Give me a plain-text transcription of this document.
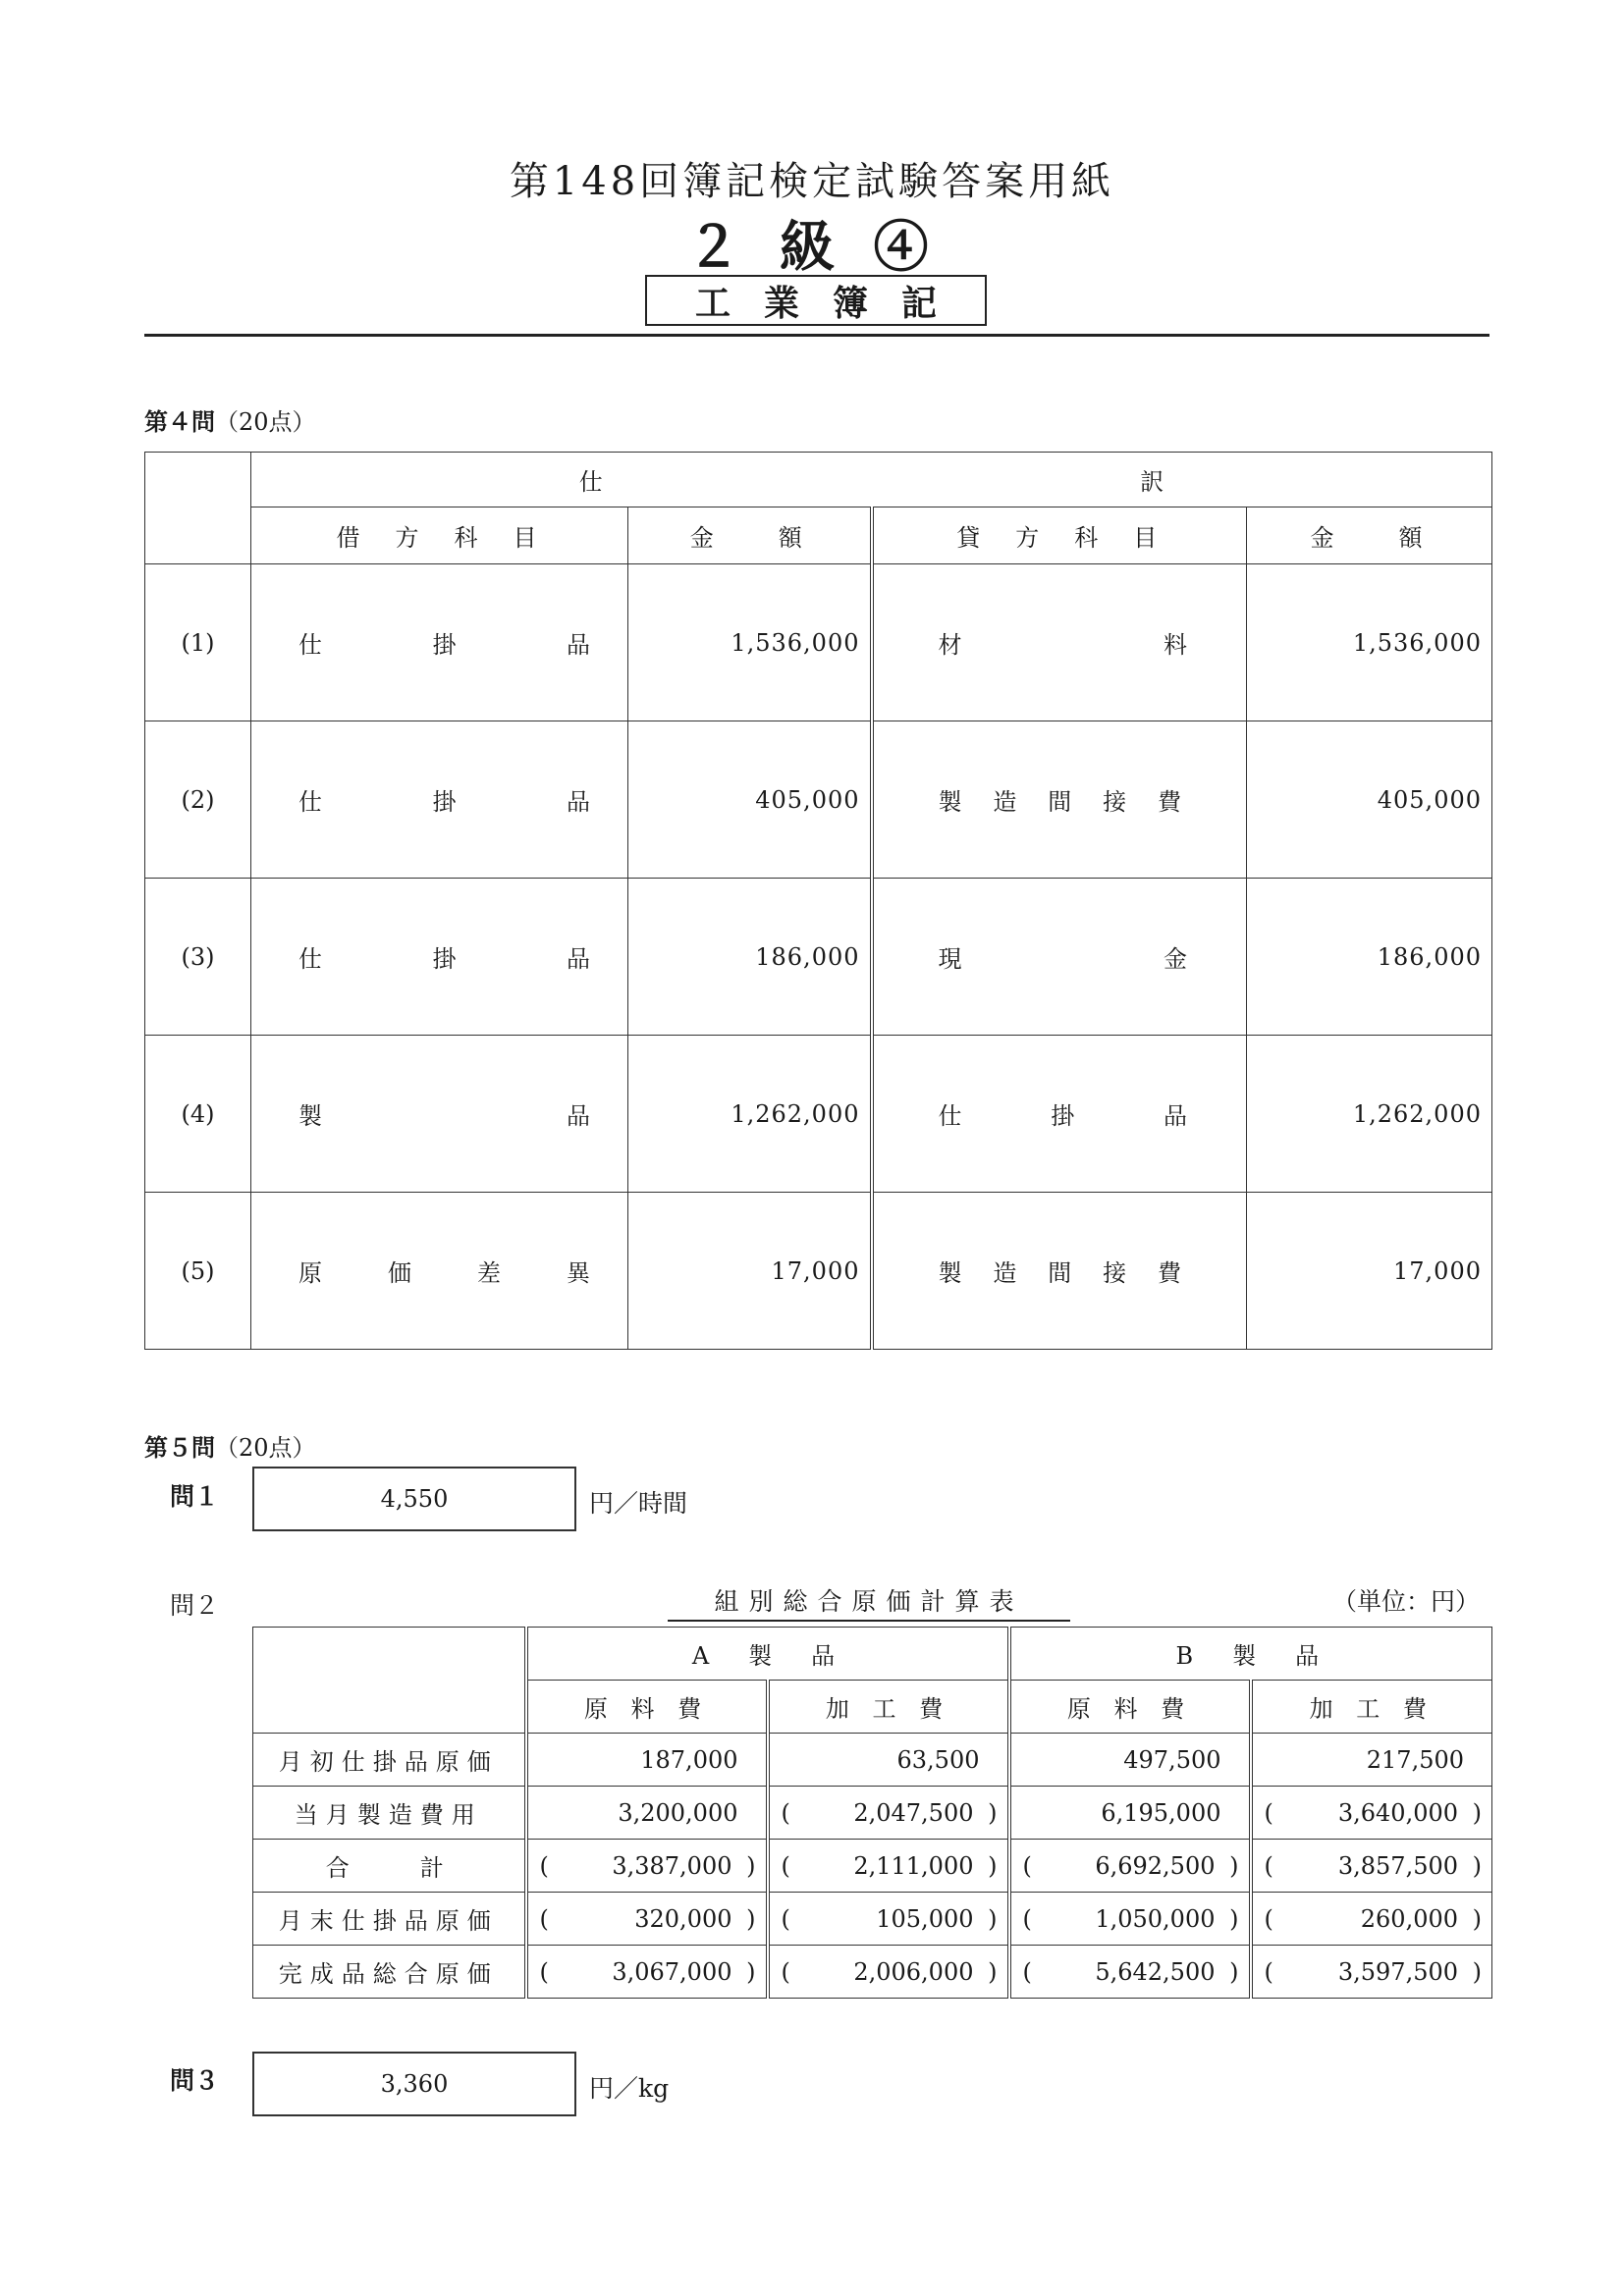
第148回簿記検定試験答案用紙
２ 級 ④
工業簿記
第４問（20点）

	仕 訳			

	借　方　科　目	金　　額	貸　方　科　目	金　　額
(1)	仕 掛 品	1,536,000	材 料	1,536,000
(2)	仕 掛 品	405,000	製 造 間 接 費	405,000
(3)	仕 掛 品	186,000	現 金	186,000
(4)	製 品	1,262,000	仕 掛 品	1,262,000
(5)	原 価 差 異	17,000	製 造 間 接 費	17,000
第５問（20点）
問１	4,550	円／時間
問２	組別総合原価計算表	（単位：円）
	A　製　品		B　製　品	
	原 料 費	加 工 費	原 料 費	加 工 費
月初仕掛品原価	187,000	63,500	497,500	217,500
当月製造費用	3,200,000	( 2,047,500 )	6,195,000	( 3,640,000 )

合　　計	( 3,387,000 )	( 2,111,000 )	( 6,692,500 )	( 3,857,500 )

月末仕掛品原価	( 320,000 )	( 105,000 )	( 1,050,000 )	( 260,000 )

完成品総合原価	( 3,067,000 )	( 2,006,000 )	( 5,642,500 )	( 3,597,500 )
問３	3,360	円／kg
